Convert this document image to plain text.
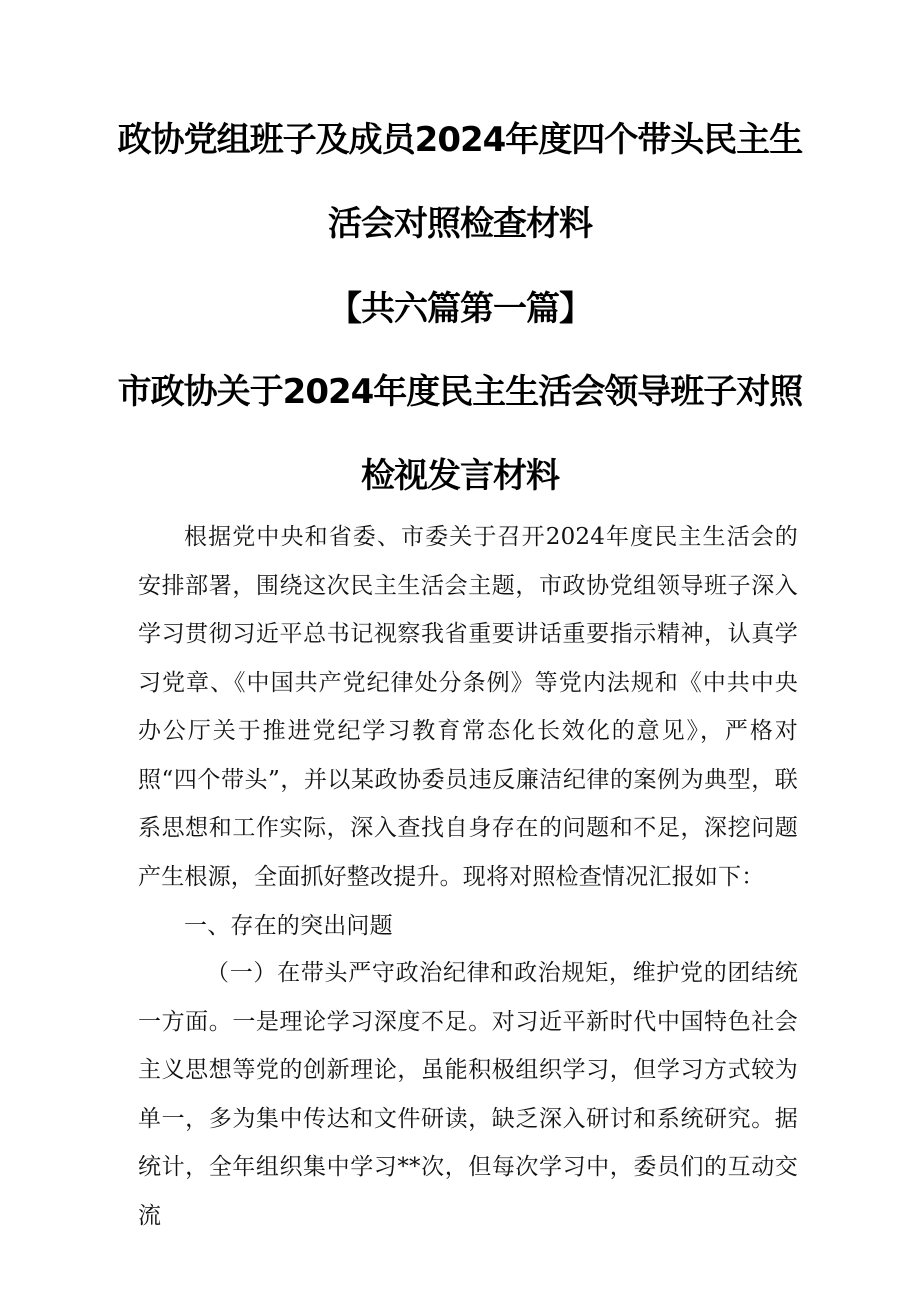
政协党组班子及成员2024年度四个带头民主生
活会对照检查材料
【共六篇第一篇】
市政协关于2024年度民主生活会领导班子对照
检视发言材料

根据党中央和省委、市委关于召开2024年度民主生活会的安排部署，围绕这次民主生活会主题，市政协党组领导班子深入学习贯彻习近平总书记视察我省重要讲话重要指示精神，认真学习党章、《中国共产党纪律处分条例》等党内法规和《中共中央办公厅关于推进党纪学习教育常态化长效化的意见》，严格对照“四个带头”，并以某政协委员违反廉洁纪律的案例为典型，联系思想和工作实际，深入查找自身存在的问题和不足，深挖问题产生根源，全面抓好整改提升。现将对照检查情况汇报如下：

一、存在的突出问题

（一）在带头严守政治纪律和政治规矩，维护党的团结统一方面。一是理论学习深度不足。对习近平新时代中国特色社会主义思想等党的创新理论，虽能积极组织学习，但学习方式较为单一，多为集中传达和文件研读，缺乏深入研讨和系统研究。据统计，全年组织集中学习**次，但每次学习中，委员们的互动交流
